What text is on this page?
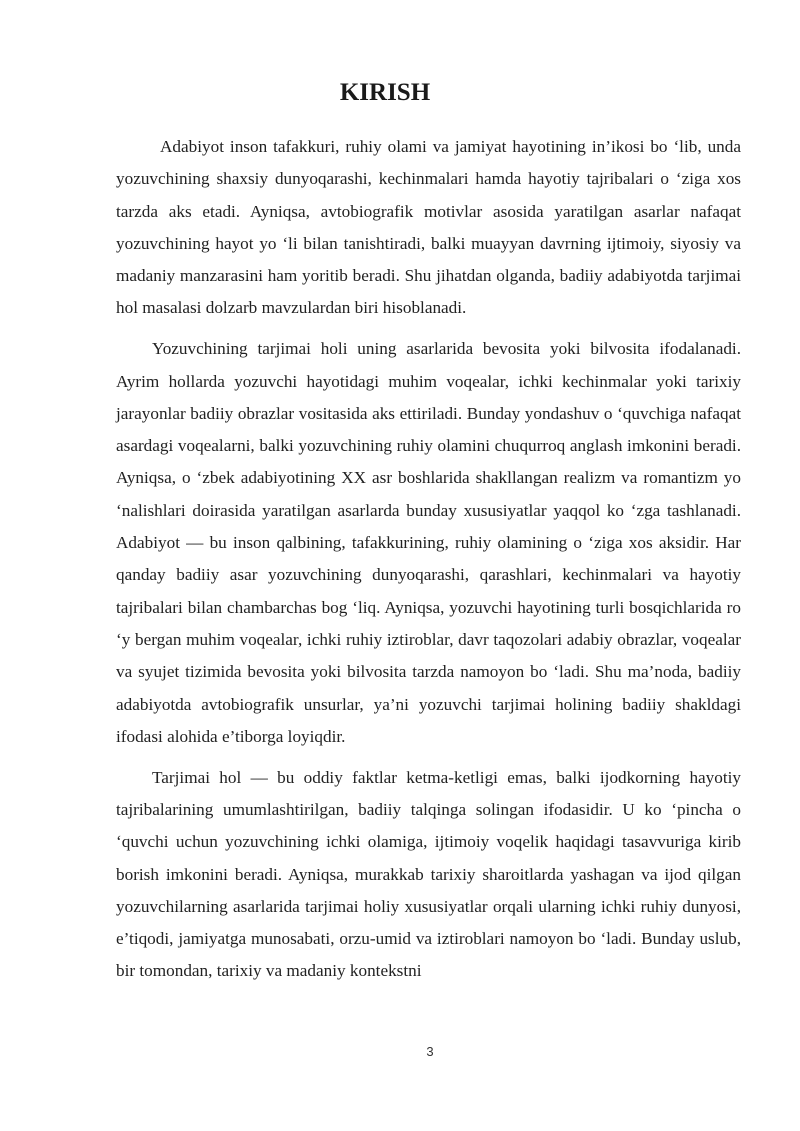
KIRISH

Adabiyot inson tafakkuri, ruhiy olami va jamiyat hayotining in’ikosi bo ‘lib, unda yozuvchining shaxsiy dunyoqarashi, kechinmalari hamda hayotiy tajribalari o ‘ziga xos tarzda aks etadi. Ayniqsa, avtobiografik motivlar asosida yaratilgan asarlar nafaqat yozuvchining hayot yo ‘li bilan tanishtiradi, balki muayyan davrning ijtimoiy, siyosiy va madaniy manzarasini ham yoritib beradi. Shu jihatdan olganda, badiiy adabiyotda tarjimai hol masalasi dolzarb mavzulardan biri hisoblanadi.

Yozuvchining tarjimai holi uning asarlarida bevosita yoki bilvosita ifodalanadi. Ayrim hollarda yozuvchi hayotidagi muhim voqealar, ichki kechinmalar yoki tarixiy jarayonlar badiiy obrazlar vositasida aks ettiriladi. Bunday yondashuv o ‘quvchiga nafaqat asardagi voqealarni, balki yozuvchining ruhiy olamini chuqurroq anglash imkonini beradi. Ayniqsa, o ‘zbek adabiyotining XX asr boshlarida shakllangan realizm va romantizm yo ‘nalishlari doirasida yaratilgan asarlarda bunday xususiyatlar yaqqol ko ‘zga tashlanadi. Adabiyot — bu inson qalbining, tafakkurining, ruhiy olamining o ‘ziga xos aksidir. Har qanday badiiy asar yozuvchining dunyoqarashi, qarashlari, kechinmalari va hayotiy tajribalari bilan chambarchas bog ‘liq. Ayniqsa, yozuvchi hayotining turli bosqichlarida ro ‘y bergan muhim voqealar, ichki ruhiy iztiroblar, davr taqozolari adabiy obrazlar, voqealar va syujet tizimida bevosita yoki bilvosita tarzda namoyon bo ‘ladi. Shu ma’noda, badiiy adabiyotda avtobiografik unsurlar, ya’ni yozuvchi tarjimai holining badiiy shakldagi ifodasi alohida e’tiborga loyiqdir.

Tarjimai hol — bu oddiy faktlar ketma-ketligi emas, balki ijodkorning hayotiy tajribalarining umumlashtirilgan, badiiy talqinga solingan ifodasidir. U ko ‘pincha o ‘quvchi uchun yozuvchining ichki olamiga, ijtimoiy voqelik haqidagi tasavvuriga kirib borish imkonini beradi. Ayniqsa, murakkab tarixiy sharoitlarda yashagan va ijod qilgan yozuvchilarning asarlarida tarjimai holiy xususiyatlar orqali ularning ichki ruhiy dunyosi, e’tiqodi, jamiyatga munosabati, orzu-umid va iztiroblari namoyon bo ‘ladi. Bunday uslub, bir tomondan, tarixiy va madaniy kontekstni

3
